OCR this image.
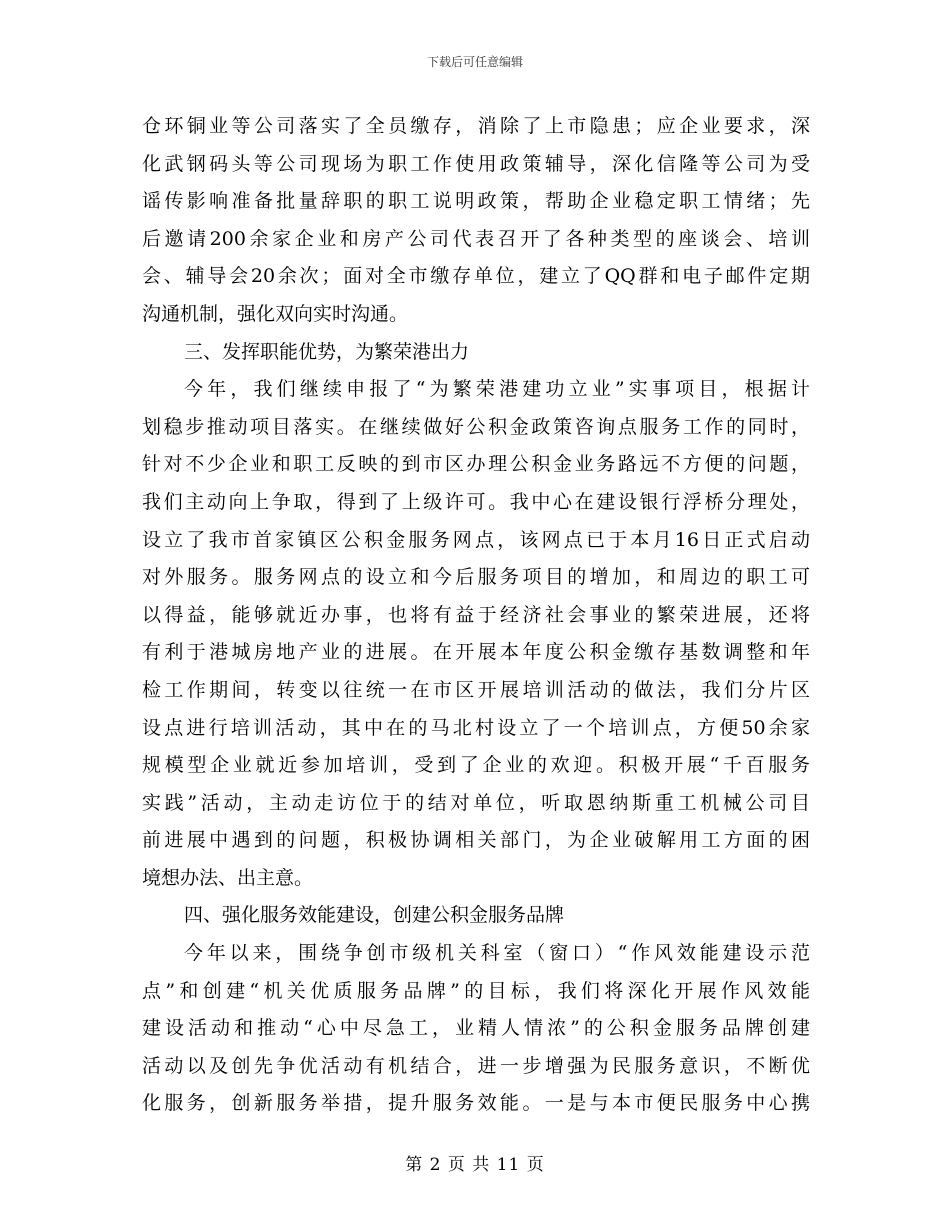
下载后可任意编辑
仓环铜业等公司落实了全员缴存，消除了上市隐患；应企业要求，深
化武钢码头等公司现场为职工作使用政策辅导，深化信隆等公司为受
谣传影响准备批量辞职的职工说明政策，帮助企业稳定职工情绪；先
后邀请200余家企业和房产公司代表召开了各种类型的座谈会、培训
会、辅导会20余次；面对全市缴存单位，建立了QQ群和电子邮件定期
沟通机制，强化双向实时沟通。
三、发挥职能优势，为繁荣港出力
今年，我们继续申报了“为繁荣港建功立业”实事项目，根据计
划稳步推动项目落实。在继续做好公积金政策咨询点服务工作的同时，
针对不少企业和职工反映的到市区办理公积金业务路远不方便的问题，
我们主动向上争取，得到了上级许可。我中心在建设银行浮桥分理处，
设立了我市首家镇区公积金服务网点，该网点已于本月16日正式启动
对外服务。服务网点的设立和今后服务项目的增加，和周边的职工可
以得益，能够就近办事，也将有益于经济社会事业的繁荣进展，还将
有利于港城房地产业的进展。在开展本年度公积金缴存基数调整和年
检工作期间，转变以往统一在市区开展培训活动的做法，我们分片区
设点进行培训活动，其中在的马北村设立了一个培训点，方便50余家
规模型企业就近参加培训，受到了企业的欢迎。积极开展“千百服务
实践”活动，主动走访位于的结对单位，听取恩纳斯重工机械公司目
前进展中遇到的问题，积极协调相关部门，为企业破解用工方面的困
境想办法、出主意。
四、强化服务效能建设，创建公积金服务品牌
今年以来，围绕争创市级机关科室（窗口）“作风效能建设示范
点”和创建“机关优质服务品牌”的目标，我们将深化开展作风效能
建设活动和推动“心中尽急工，业精人情浓”的公积金服务品牌创建
活动以及创先争优活动有机结合，进一步增强为民服务意识，不断优
化服务，创新服务举措，提升服务效能。一是与本市便民服务中心携
第 2 页 共 11 页
